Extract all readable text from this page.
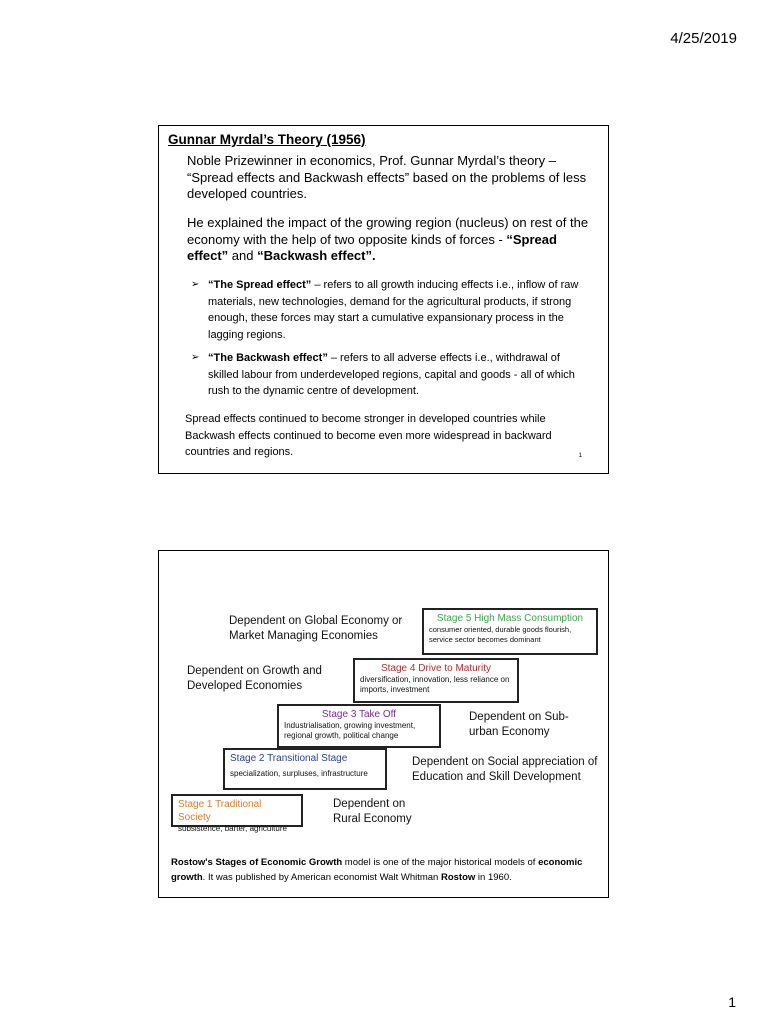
4/25/2019
Gunnar Myrdal’s Theory (1956)
Noble Prizewinner in economics, Prof. Gunnar Myrdal’s theory – “Spread effects and Backwash effects” based on the problems of less developed countries.
He explained the impact of the growing region (nucleus) on rest of the economy with the help of two opposite kinds of forces - “Spread effect” and “Backwash effect”.
➢ “The Spread effect” – refers to all growth inducing effects i.e., inflow of raw materials, new technologies, demand for the agricultural products, if strong enough, these forces may start a cumulative expansionary process in the lagging regions.
➢ “The Backwash effect” – refers to all adverse effects i.e., withdrawal of skilled labour from underdeveloped regions, capital and goods - all of which rush to the dynamic centre of development.
Spread effects continued to become stronger in developed countries while Backwash effects continued to become even more widespread in backward countries and regions.	1
Stage 1 Traditional Society
subsistence, barter, agriculture
Stage 2 Transitional Stage
specialization, surpluses, infrastructure
Stage 3 Take Off
Industrialisation, growing investment, regional growth, political change
Stage 4 Drive to Maturity
diversification, innovation, less reliance on imports, investment
Stage 5 High Mass Consumption
consumer oriented, durable goods flourish, service sector becomes dominant
Dependent on Rural Economy
Dependent on Social appreciation of Education and Skill Development
Dependent on Sub-urban Economy
Dependent on Growth and Developed Economies
Dependent on Global Economy or Market Managing Economies
Rostow's Stages of Economic Growth model is one of the major historical models of economic growth. It was published by American economist Walt Whitman Rostow in 1960.
1
